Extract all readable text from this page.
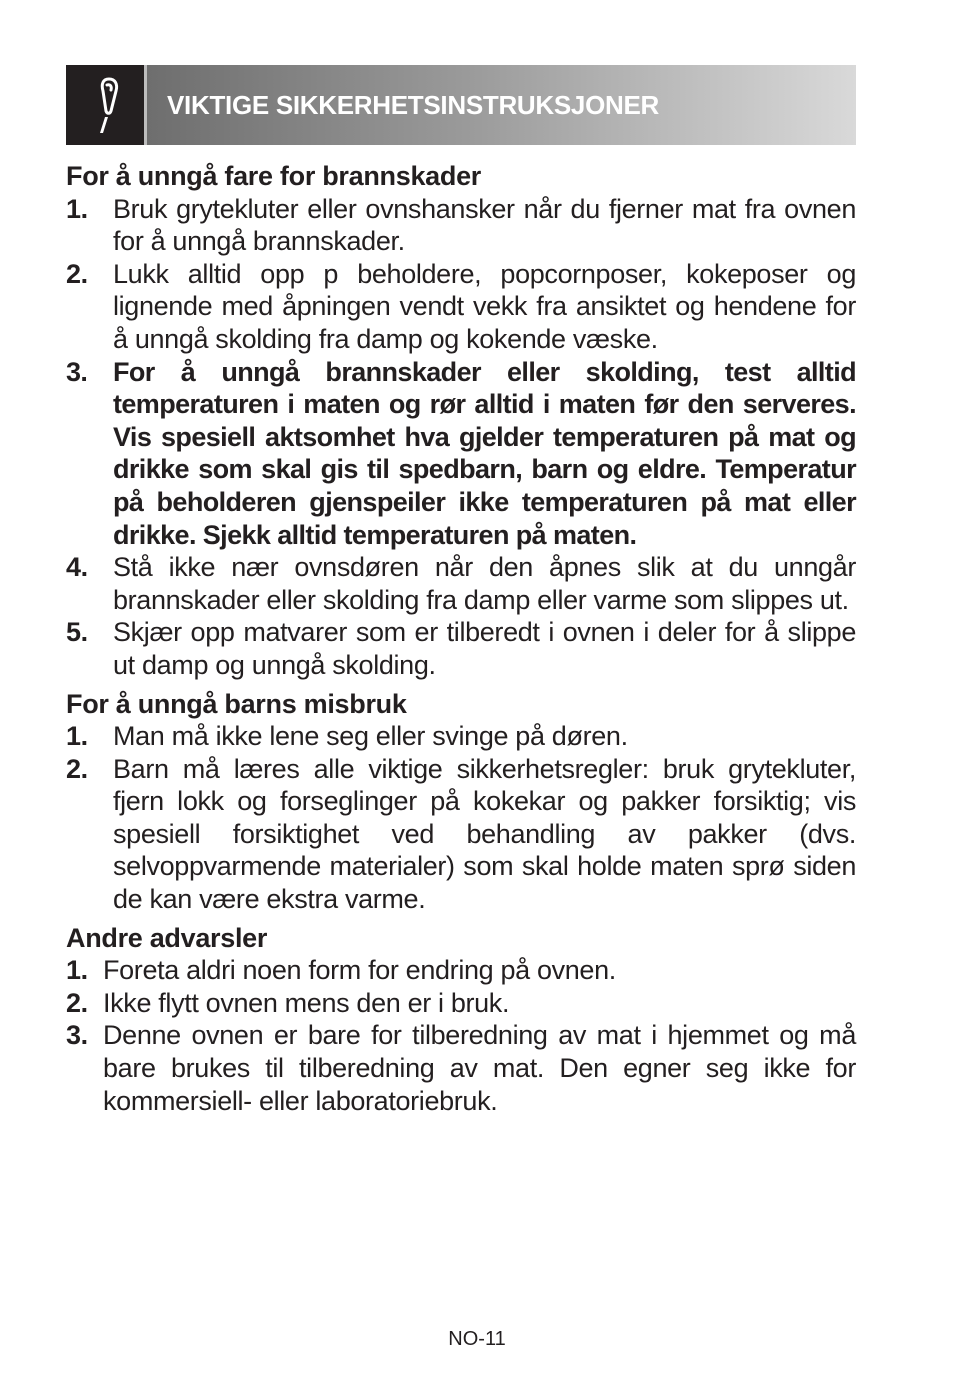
VIKTIGE SIKKERHETSINSTRUKSJONER

For å unngå fare for brannskader

1. Bruk grytekluter eller ovnshansker når du fjerner mat fra ovnen for å unngå brannskader.
2. Lukk alltid opp p beholdere, popcornposer, kokeposer og lignende med åpningen vendt vekk fra ansiktet og hendene for å unngå skolding fra damp og kokende væske.
3. For å unngå brannskader eller skolding, test alltid temperaturen i maten og rør alltid i maten før den serveres. Vis spesiell aktsomhet hva gjelder temperaturen på mat og drikke som skal gis til spedbarn, barn og eldre. Temperatur på beholderen gjenspeiler ikke temperaturen på mat eller drikke. Sjekk alltid temperaturen på maten.
4. Stå ikke nær ovnsdøren når den åpnes slik at du unngår brannskader eller skolding fra damp eller varme som slippes ut.
5. Skjær opp matvarer som er tilberedt i ovnen i deler for å slippe ut damp og unngå skolding.

For å unngå barns misbruk

1. Man må ikke lene seg eller svinge på døren.
2. Barn må læres alle viktige sikkerhetsregler: bruk grytekluter, fjern lokk og forseglinger på kokekar og pakker forsiktig; vis spesiell forsiktighet ved behandling av pakker (dvs. selvoppvarmende materialer) som skal holde maten sprø siden de kan være ekstra varme.

Andre advarsler

1. Foreta aldri noen form for endring på ovnen.
2. Ikke flytt ovnen mens den er i bruk.
3. Denne ovnen er bare for tilberedning av mat i hjemmet og må bare brukes til tilberedning av mat. Den egner seg ikke for kommersiell- eller laboratoriebruk.
NO-11
